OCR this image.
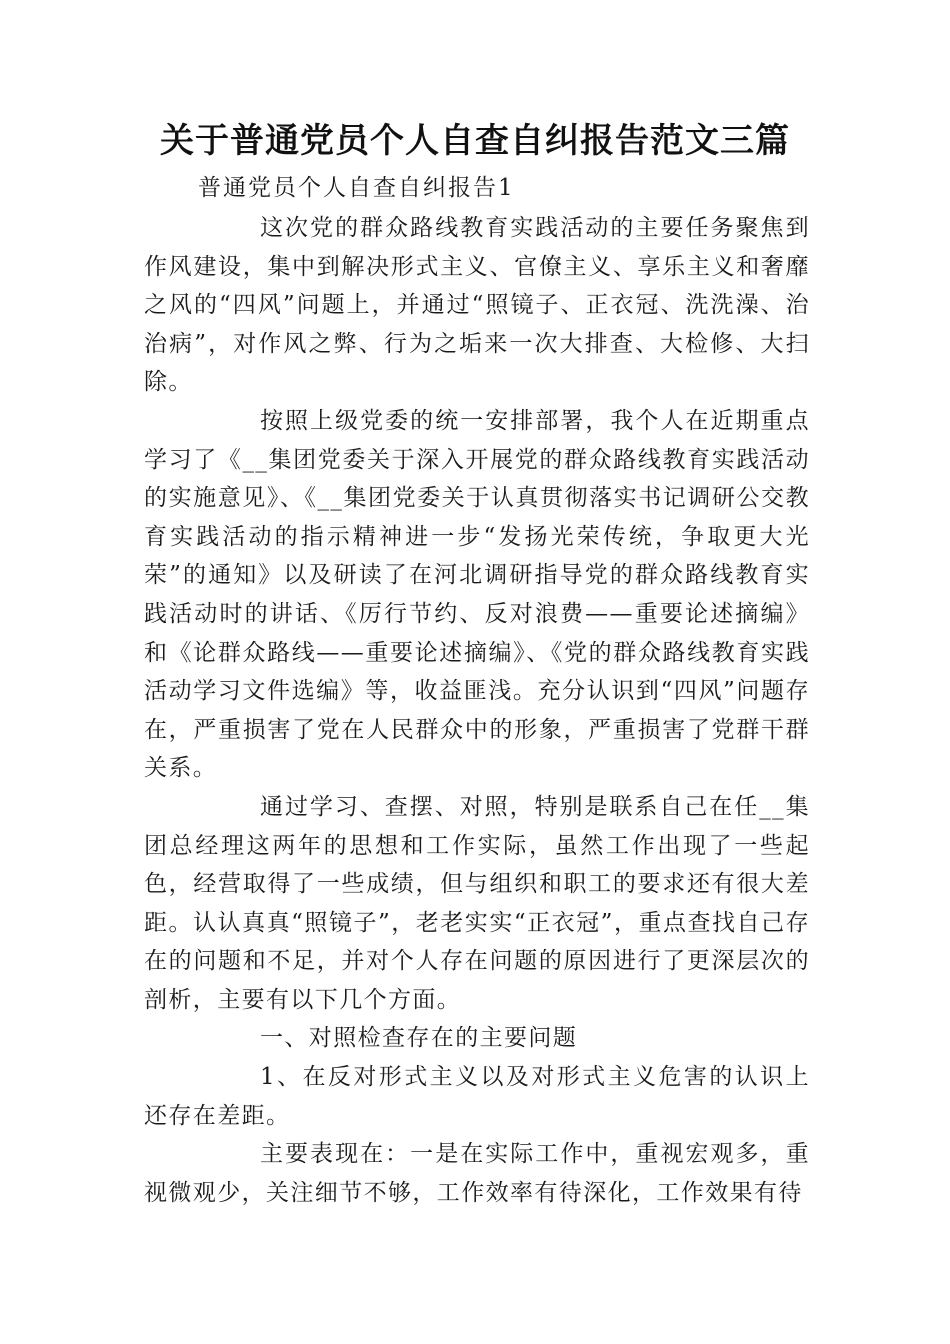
关于普通党员个人自查自纠报告范文三篇
普通党员个人自查自纠报告1

这次党的群众路线教育实践活动的主要任务聚焦到作风建设，集中到解决形式主义、官僚主义、享乐主义和奢靡之风的“四风”问题上，并通过“照镜子、正衣冠、洗洗澡、治治病”，对作风之弊、行为之垢来一次大排查、大检修、大扫除。

按照上级党委的统一安排部署，我个人在近期重点学习了《__集团党委关于深入开展党的群众路线教育实践活动的实施意见》、《__集团党委关于认真贯彻落实书记调研公交教育实践活动的指示精神进一步“发扬光荣传统，争取更大光荣”的通知》以及研读了在河北调研指导党的群众路线教育实践活动时的讲话、《厉行节约、反对浪费——重要论述摘编》和《论群众路线——重要论述摘编》、《党的群众路线教育实践活动学习文件选编》等，收益匪浅。充分认识到“四风”问题存在，严重损害了党在人民群众中的形象，严重损害了党群干群关系。

通过学习、查摆、对照，特别是联系自己在任__集团总经理这两年的思想和工作实际，虽然工作出现了一些起色，经营取得了一些成绩，但与组织和职工的要求还有很大差距。认认真真“照镜子”，老老实实“正衣冠”，重点查找自己存在的问题和不足，并对个人存在问题的原因进行了更深层次的剖析，主要有以下几个方面。

一、对照检查存在的主要问题

1、在反对形式主义以及对形式主义危害的认识上还存在差距。

主要表现在：一是在实际工作中，重视宏观多，重视微观少，关注细节不够，工作效率有待深化，工作效果有待
